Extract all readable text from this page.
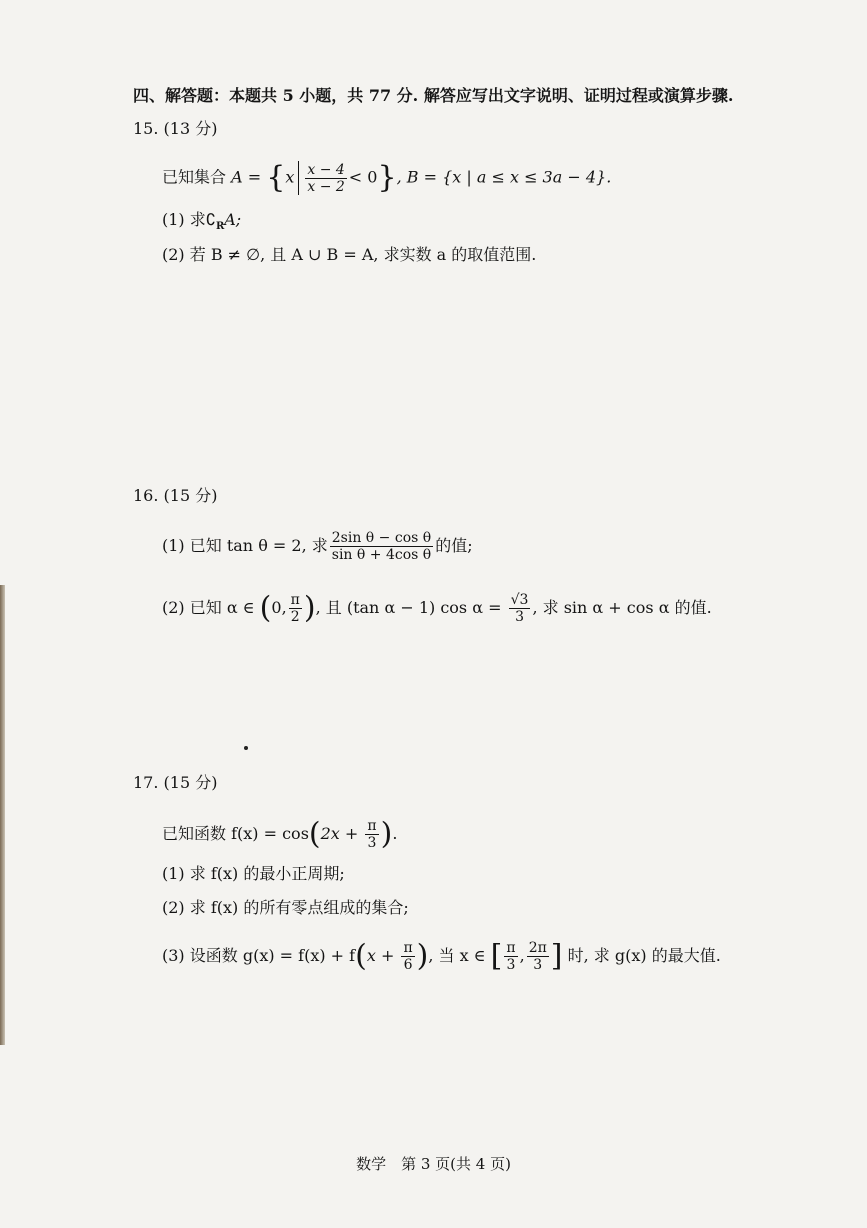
四、解答题：本题共 5 小题，共 77 分. 解答应写出文字说明、证明过程或演算步骤.
15. (13 分)
已知集合 $A = \{x \frac{x - 4}{x - 2} < 0\}$, B = {x | a ≤ x ≤ 3a − 4}.
(1) 求$∁_RA$;
(2) 若 B ≠ ∅, 且 A ∪ B = A, 求实数 a 的取值范围.
16. (15 分)
(1) 已知 tan θ = 2, 求 $\frac{\text{2sin θ − cos θ}}{\text{sin θ + 4cos θ}}$ 的值;
(2) 已知 α ∈ (0, $\frac{\pi}{2}$ ), 且 (tan α − 1) $\cos \alpha = \frac{√3}{3}$ , 求 sin α + cos α 的值.
17. (15 分)
已知函数 $f(x) = \cos(2x + \frac{\pi}{3}$ ).
(1) 求 f(x) 的最小正周期;
(2) 求 f(x) 的所有零点组成的集合;
(3) 设函数 $g(x) = f(x) + f(x + \frac{\pi}{6}$ ), 当 x ∈ [ $\frac{\pi}{3}$ , $\frac{2\pi}{3}$ ] 时, 求 g(x) 的最大值.
数学　第 3 页(共 4 页)
